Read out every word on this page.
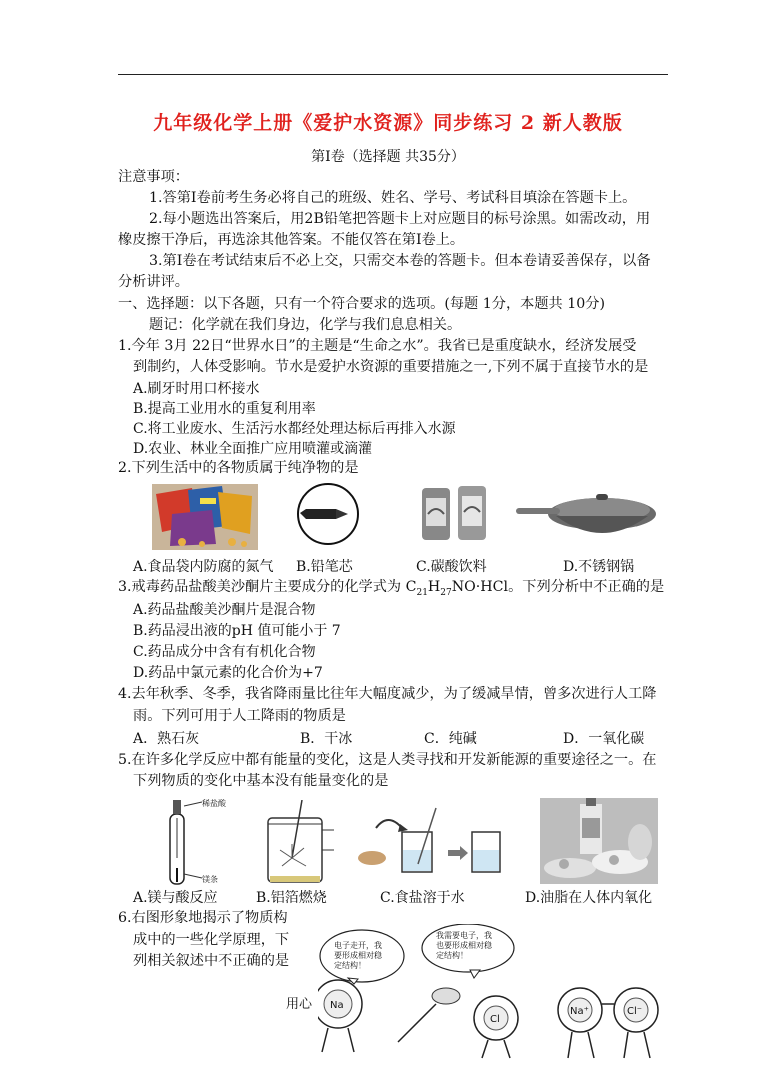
九年级化学上册《爱护水资源》同步练习 2 新人教版
第Ⅰ卷（选择题 共35分）
注意事项：
1.答第Ⅰ卷前考生务必将自己的班级、姓名、学号、考试科目填涂在答题卡上。
2.每小题选出答案后，用2B铅笔把答题卡上对应题目的标号涂黑。如需改动，用
橡皮擦干净后，再选涂其他答案。不能仅答在第Ⅰ卷上。
3.第Ⅰ卷在考试结束后不必上交，只需交本卷的答题卡。但本卷请妥善保存，以备
分析讲评。
一、选择题：以下各题，只有一个符合要求的选项。(每题 1分，本题共 10分)
题记：化学就在我们身边，化学与我们息息相关。
1.今年 3月 22日“世界水日”的主题是“生命之水”。我省已是重度缺水，经济发展受
到制约，人体受影响。节水是爱护水资源的重要措施之一,下列不属于直接节水的是
A.刷牙时用口杯接水
B.提高工业用水的重复利用率
C.将工业废水、生活污水都经处理达标后再排入水源
D.农业、林业全面推广应用喷灌或滴灌
2.下列生活中的各物质属于纯净物的是
A.食品袋内防腐的氮气 B.铅笔芯	C.碳酸饮料	D.不锈钢锅
3.戒毒药品盐酸美沙酮片主要成分的化学式为 $C_{21}H_{27}NO\cdot HCl$。下列分析中不正确的是
A.药品盐酸美沙酮片是混合物
B.药品浸出液的pH 值可能小于 7
C.药品成分中含有有机化合物
D.药品中氯元素的化合价为+7
4.去年秋季、冬季，我省降雨量比往年大幅度减少，为了缓减旱情，曾多次进行人工降
雨。下列可用于人工降雨的物质是
A．熟石灰	B．干冰	C．纯碱	D．一氧化碳
5.在许多化学反应中都有能量的变化，这是人类寻找和开发新能源的重要途径之一。在
下列物质的变化中基本没有能量变化的是
稀盐酸
镁条
A.镁与酸反应	B.铝箔燃烧	C.食盐溶于水	D.油脂在人体内氧化
6.右图形象地揭示了物质构
成中的一些化学原理，下
列相关叙述中不正确的是
用心
电子走开，我
要形成相对稳
定结构！
我需要电子，我
也要形成相对稳
定结构！
Na
Cl
Na⁺	Cl⁻
